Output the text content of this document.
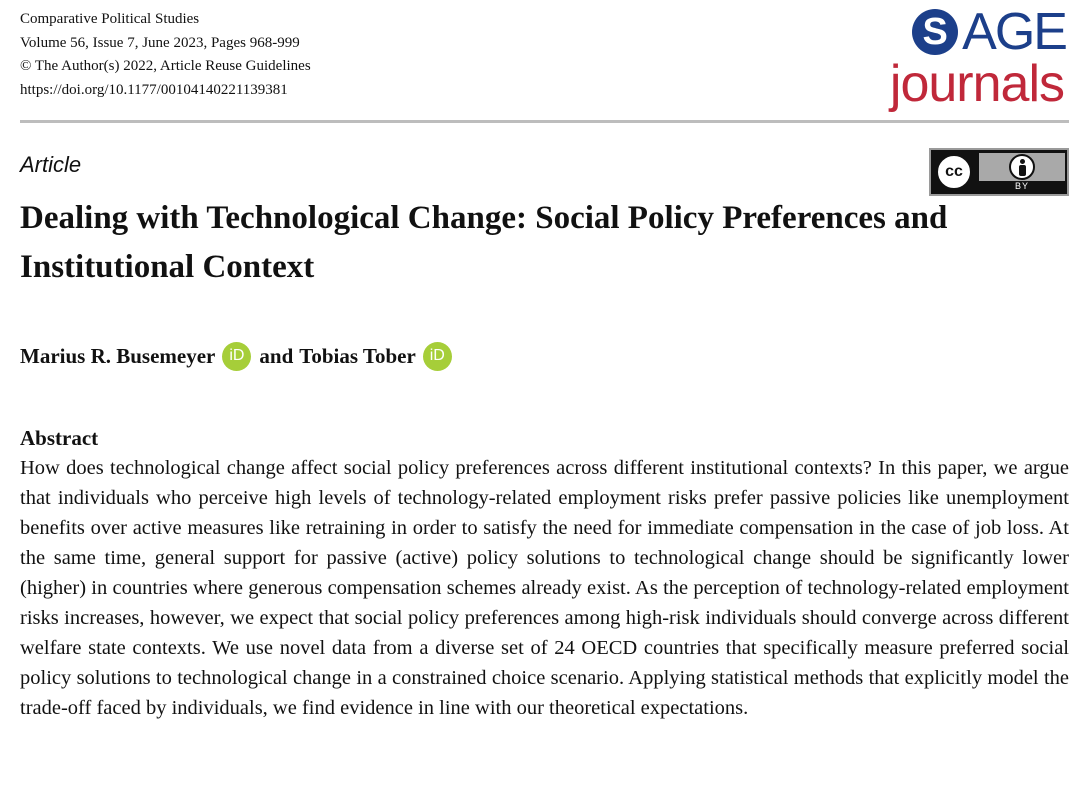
Comparative Political Studies
Volume 56, Issue 7, June 2023, Pages 968-999
© The Author(s) 2022, Article Reuse Guidelines
https://doi.org/10.1177/00104140221139381
S AGE
journals
Article	cc
BY
Dealing with Technological Change: Social Policy Preferences and Institutional Context
Marius R. Busemeyer iD and Tobias Tober iD
Abstract

How does technological change affect social policy preferences across different institutional contexts? In this paper, we argue that individuals who perceive high levels of technology-related employment risks prefer passive policies like unemployment benefits over active measures like retraining in order to satisfy the need for immediate compensation in the case of job loss. At the same time, general support for passive (active) policy solutions to technological change should be significantly lower (higher) in countries where generous compensation schemes already exist. As the perception of technology-related employment risks increases, however, we expect that social policy preferences among high-risk individuals should converge across different welfare state contexts. We use novel data from a diverse set of 24 OECD countries that specifically measure preferred social policy solutions to technological change in a constrained choice scenario. Applying statistical methods that explicitly model the trade-off faced by individuals, we find evidence in line with our theoretical expectations.
